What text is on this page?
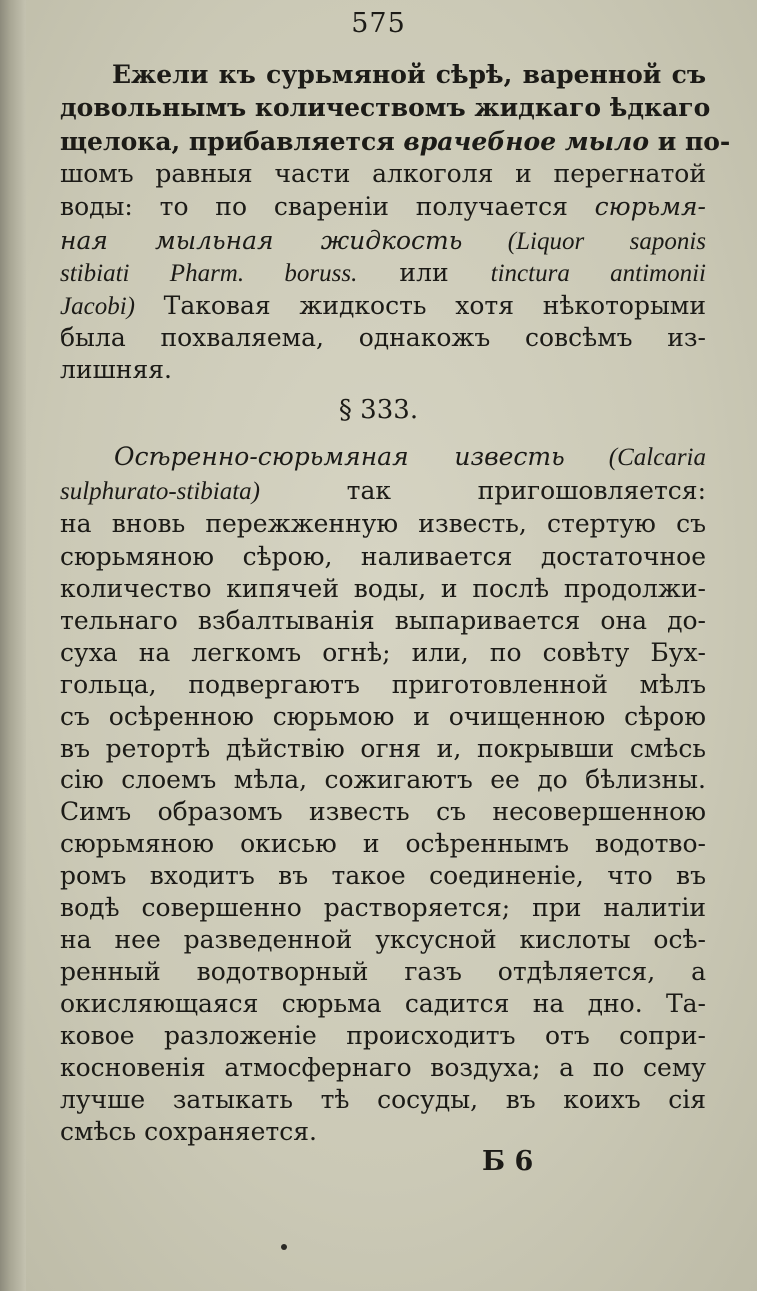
575
Ежели къ сурьмяной сѣрѣ, варенной съ
довольнымъ количествомъ жидкаго ѣдкаго
щелока, прибавляется врачебное мыло и по-
шомъ равныя части алкоголя и перегнатой
воды: то по свареніи получается сюрьмя-
ная мыльная жидкость (Liquor saponis
stibiati Pharm. boruss. или tinctura antimonii
Jacobi) Таковая жидкость хотя нѣкоторыми
была похваляема, однакожъ совсѣмъ из-
лишняя.
§ 333.
Осѣренно-сюрьмяная известь (Calcaria
sulphurato-stibiata) так пригошовляется:
на вновь пережженную известь, стертую съ
сюрьмяною сѣрою, наливается достаточное
количество кипячей воды, и послѣ продолжи-
тельнаго взбалтыванія выпаривается она до-
суха на легкомъ огнѣ; или, по совѣту Бух-
гольца, подвергаютъ приготовленной мѣлъ
съ осѣренною сюрьмою и очищенною сѣрою
въ ретортѣ дѣйствію огня и, покрывши смѣсь
сію слоемъ мѣла, сожигаютъ ее до бѣлизны.
Симъ образомъ известь съ несовершенною
сюрьмяною окисью и осѣреннымъ водотво-
ромъ входитъ въ такое соединеніе, что въ
водѣ совершенно растворяется; при налитіи
на нее разведенной уксусной кислоты осѣ-
ренный водотворный газъ отдѣляется, а
окисляющаяся сюрьма садится на дно. Та-
ковое разложеніе происходитъ отъ сопри-
косновенія атмосфернаго воздуха; а по сему
лучше затыкать тѣ сосуды, въ коихъ сія
смѣсь сохраняется.
Б 6
